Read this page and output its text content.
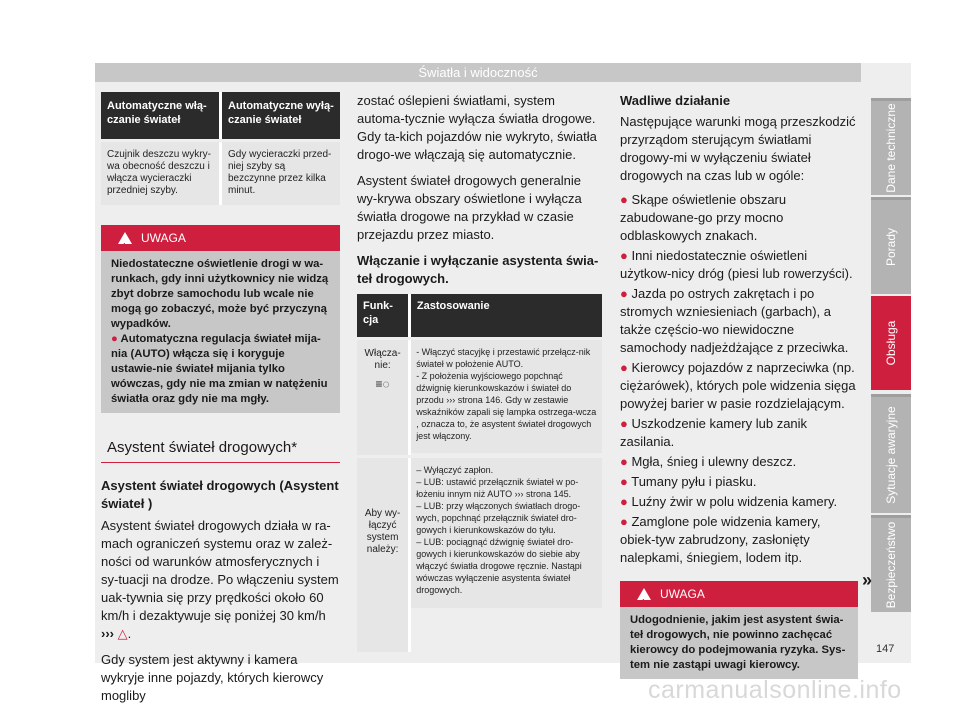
Światła i widoczność
Dane techniczne
Porady
Obsługa
Sytuacje awaryjne
Bezpieczeństwo
Automatyczne włą-czanie świateł
Automatyczne wyłą-czanie świateł
Czujnik deszczu wykry-wa obecność deszczu i włącza wycieraczki przedniej szyby.
Gdy wycieraczki przed-niej szyby są bezczynne przez kilka minut.
!
UWAGA

Niedostateczne oświetlenie drogi w wa-runkach, gdy inni użytkownicy nie widzą zbyt dobrze samochodu lub wcale nie mogą go zobaczyć, może być przyczyną wypadków.

● Automatyczna regulacja świateł mija-nia (AUTO) włącza się i koryguje ustawie-nie świateł mijania tylko wówczas, gdy nie ma zmian w natężeniu światła oraz gdy nie ma mgły.

Asystent świateł drogowych*

Asystent świateł drogowych (Asystent świateł )

Asystent świateł drogowych działa w ra-mach ograniczeń systemu oraz w zależ-ności od warunków atmosferycznych i sy-tuacji na drodze. Po włączeniu system uak-tywnia się przy prędkości około 60 km/h i dezaktywuje się poniżej 30 km/h ››› △.

Gdy system jest aktywny i kamera wykryje inne pojazdy, których kierowcy mogliby

zostać oślepieni światłami, system automa-tycznie wyłącza światła drogowe. Gdy ta-kich pojazdów nie wykryto, światła drogo-we włączają się automatycznie.

Asystent świateł drogowych generalnie wy-krywa obszary oświetlone i wyłącza światła drogowe na przykład w czasie przejazdu przez miasto.

Włączanie i wyłączanie asystenta świa-teł drogowych.

Funk-cja
Zastosowanie
Włącza-nie:
≡◌
- Włączyć stacyjkę i przestawić przełącz-nik świateł w położenie AUTO.
- Z położenia wyjściowego popchnąć dźwignię kierunkowskazów i świateł do przodu ››› strona 146. Gdy w zestawie wskaźników zapali się lampka ostrzega-wcza , oznacza to, że asystent świateł drogowych jest włączony.
Aby wy-łączyć system należy:
– Wyłączyć zapłon.
– LUB: ustawić przełącznik świateł w po-łożeniu innym niż AUTO ››› strona 145.
– LUB: przy włączonych światłach drogo-wych, popchnąć przełącznik świateł dro-gowych i kierunkowskazów do tyłu.
– LUB: pociągnąć dźwignię świateł dro-gowych i kierunkowskazów do siebie aby włączyć światła drogowe ręcznie. Nastąpi wówczas wyłączenie asystenta świateł drogowych.

Wadliwe działanie

Następujące warunki mogą przeszkodzić przyrządom sterującym światłami drogowy-mi w wyłączeniu świateł drogowych na czas lub w ogóle:

● Skąpe oświetlenie obszaru zabudowane-go przy mocno odblaskowych znakach.

● Inni niedostatecznie oświetleni użytkow-nicy dróg (piesi lub rowerzyści).

● Jazda po ostrych zakrętach i po stromych wzniesieniach (garbach), a także częścio-wo niewidoczne samochody nadjeżdżające z przeciwka.

● Kierowcy pojazdów z naprzeciwka (np. ciężarówek), których pole widzenia sięga powyżej barier w pasie rozdzielającym.

● Uszkodzenie kamery lub zanik zasilania.

● Mgła, śnieg i ulewny deszcz.

● Tumany pyłu i piasku.

● Luźny żwir w polu widzenia kamery.

● Zamglone pole widzenia kamery, obiek-tyw zabrudzony, zasłonięty nalepkami, śniegiem, lodem itp.

!
UWAGA
Udogodnienie, jakim jest asystent świa-teł drogowych, nie powinno zachęcać kierowcy do podejmowania ryzyka. Sys-tem nie zastąpi uwagi kierowcy.
»
147
carmanualsonline.info
